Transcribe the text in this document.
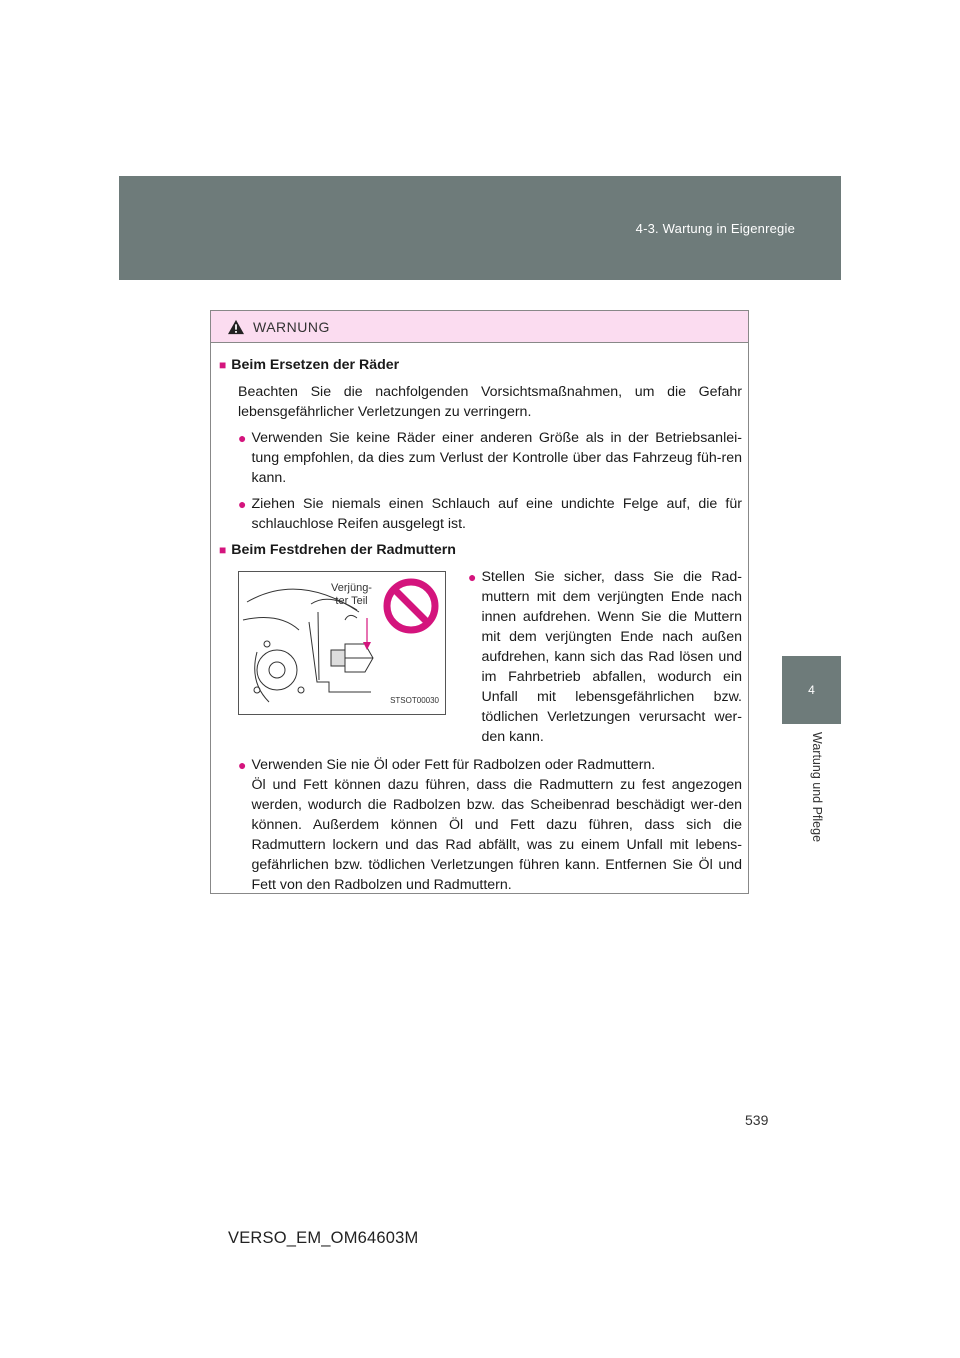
4-3. Wartung in Eigenregie
4
Wartung und Pflege
WARNUNG
■ Beim Ersetzen der Räder

Beachten Sie die nachfolgenden Vorsichtsmaßnahmen, um die Gefahr lebensgefährlicher Verletzungen zu verringern.

● Verwenden Sie keine Räder einer anderen Größe als in der Betriebsanlei-tung empfohlen, da dies zum Verlust der Kontrolle über das Fahrzeug füh-ren kann.
● Ziehen Sie niemals einen Schlauch auf eine undichte Felge auf, die für schlauchlose Reifen ausgelegt ist.
■ Beim Festdrehen der Radmuttern
Verjüng-
ter Teil
STSOT00030
● Stellen Sie sicher, dass Sie die Rad-muttern mit dem verjüngten Ende nach innen aufdrehen. Wenn Sie die Muttern mit dem verjüngten Ende nach außen aufdrehen, kann sich das Rad lösen und im Fahrbetrieb abfallen, wodurch ein Unfall mit lebensgefährlichen bzw. tödlichen Verletzungen verursacht wer-den kann.
● Verwenden Sie nie Öl oder Fett für Radbolzen oder Radmuttern.
Öl und Fett können dazu führen, dass die Radmuttern zu fest angezogen werden, wodurch die Radbolzen bzw. das Scheibenrad beschädigt wer-den können. Außerdem können Öl und Fett dazu führen, dass sich die Radmuttern lockern und das Rad abfällt, was zu einem Unfall mit lebens-gefährlichen bzw. tödlichen Verletzungen führen kann. Entfernen Sie Öl und Fett von den Radbolzen und Radmuttern.
539
VERSO_EM_OM64603M
